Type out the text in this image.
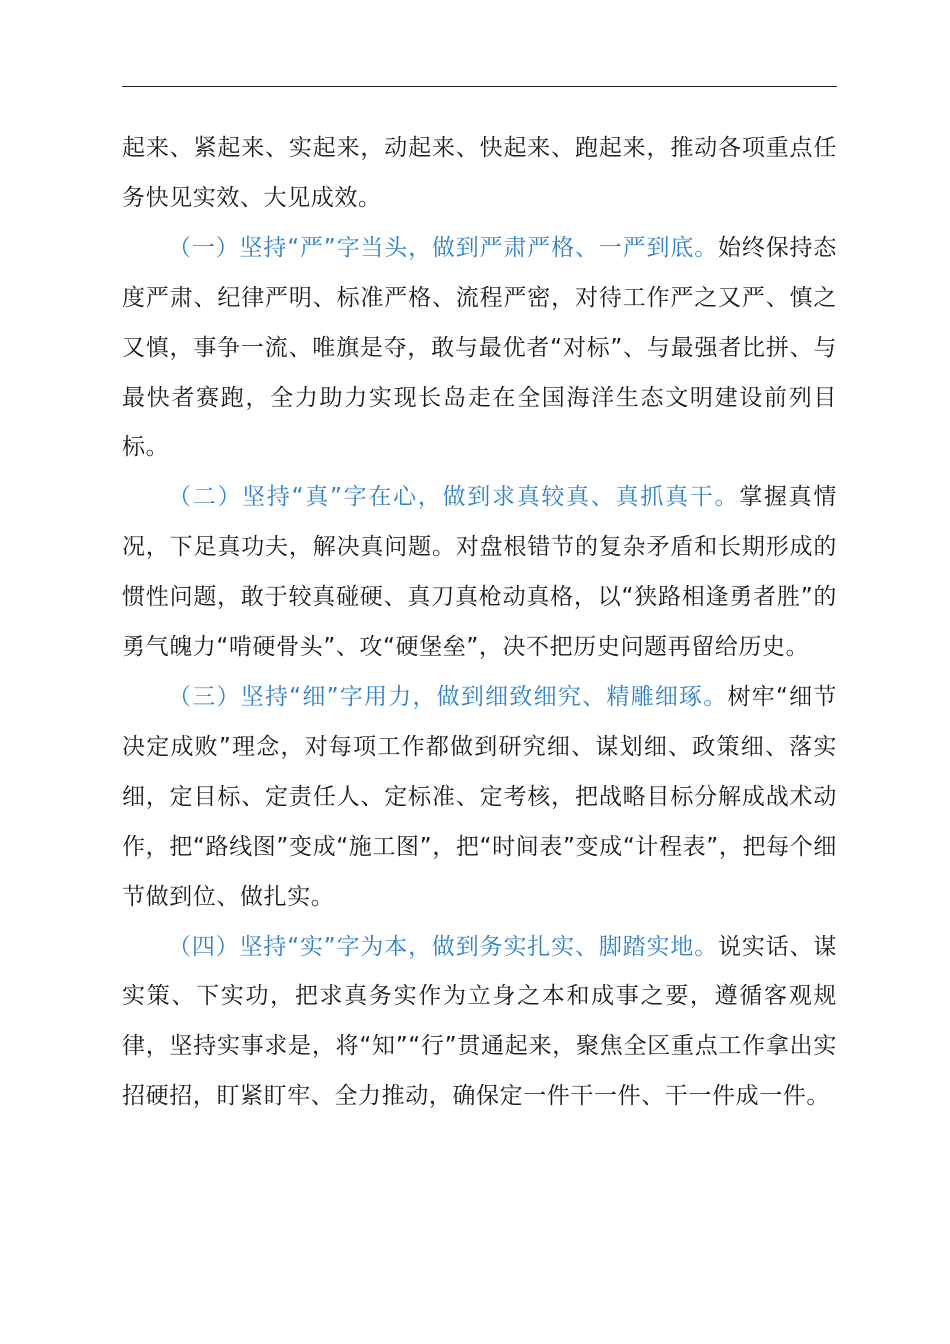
起来、紧起来、实起来，动起来、快起来、跑起来，推动各项重点任务快见实效、大见成效。

（一）坚持“严”字当头，做到严肃严格、一严到底。始终保持态度严肃、纪律严明、标准严格、流程严密，对待工作严之又严、慎之又慎，事争一流、唯旗是夺，敢与最优者“对标”、与最强者比拼、与最快者赛跑，全力助力实现长岛走在全国海洋生态文明建设前列目标。

（二）坚持“真”字在心，做到求真较真、真抓真干。掌握真情况，下足真功夫，解决真问题。对盘根错节的复杂矛盾和长期形成的惯性问题，敢于较真碰硬、真刀真枪动真格，以“狭路相逢勇者胜”的勇气魄力“啃硬骨头”、攻“硬堡垒”，决不把历史问题再留给历史。

（三）坚持“细”字用力，做到细致细究、精雕细琢。树牢“细节决定成败”理念，对每项工作都做到研究细、谋划细、政策细、落实细，定目标、定责任人、定标准、定考核，把战略目标分解成战术动作，把“路线图”变成“施工图”，把“时间表”变成“计程表”，把每个细节做到位、做扎实。

（四）坚持“实”字为本，做到务实扎实、脚踏实地。说实话、谋实策、下实功，把求真务实作为立身之本和成事之要，遵循客观规律，坚持实事求是，将“知”“行”贯通起来，聚焦全区重点工作拿出实招硬招，盯紧盯牢、全力推动，确保定一件干一件、干一件成一件。
